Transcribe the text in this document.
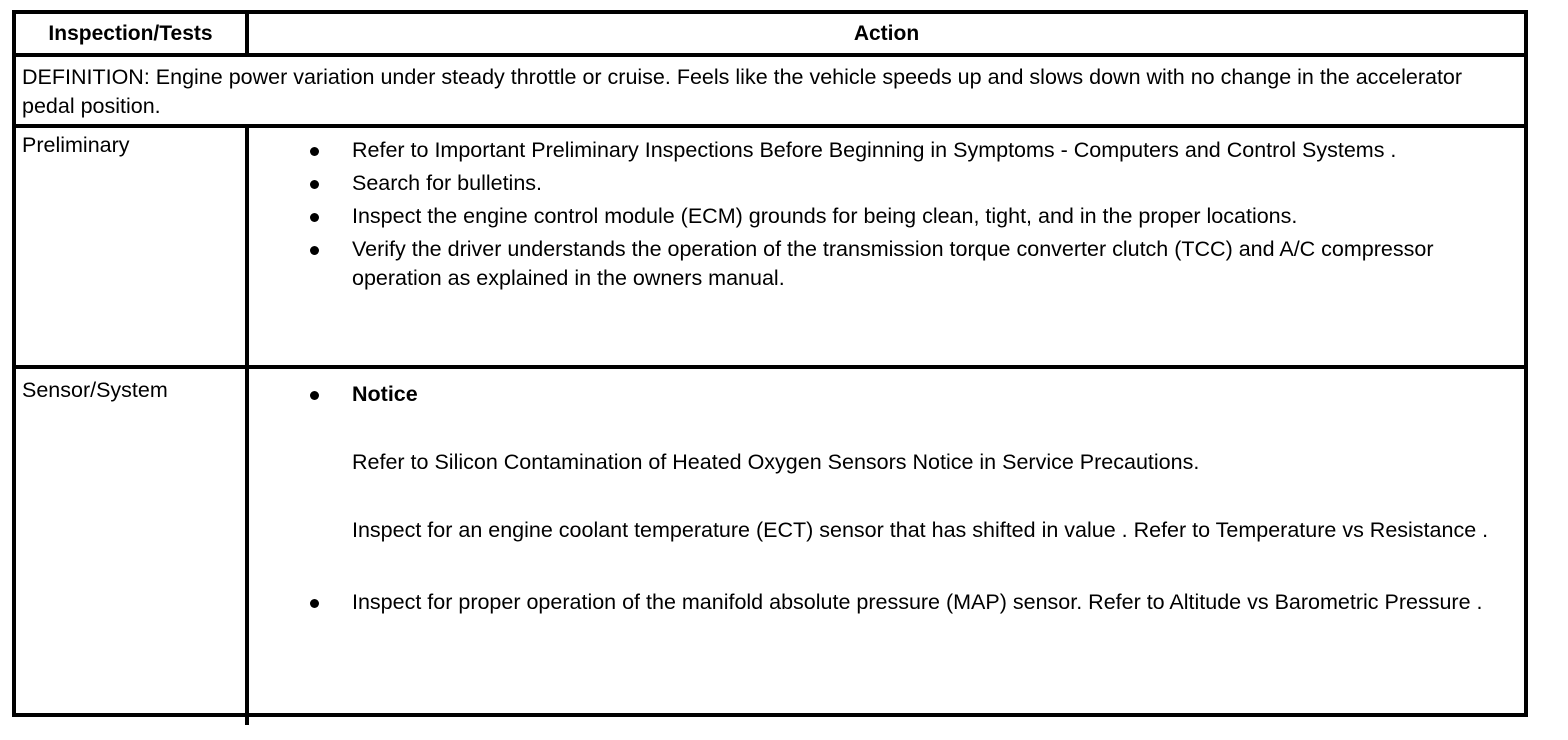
Inspection/Tests	Action
DEFINITION: Engine power variation under steady throttle or cruise. Feels like the vehicle speeds up and slows down with no change in the accelerator pedal position.
Preliminary	Refer to Important Preliminary Inspections Before Beginning in Symptoms - Computers and Control Systems .
Search for bulletins.
Inspect the engine control module (ECM) grounds for being clean, tight, and in the proper locations.
Verify the driver understands the operation of the transmission torque converter clutch (TCC) and A/C compressor operation as explained in the owners manual.
Sensor/System	Notice
Refer to Silicon Contamination of Heated Oxygen Sensors Notice in Service Precautions.
Inspect for an engine coolant temperature (ECT) sensor that has shifted in value . Refer to Temperature vs Resistance .
Inspect for proper operation of the manifold absolute pressure (MAP) sensor. Refer to Altitude vs Barometric Pressure .
